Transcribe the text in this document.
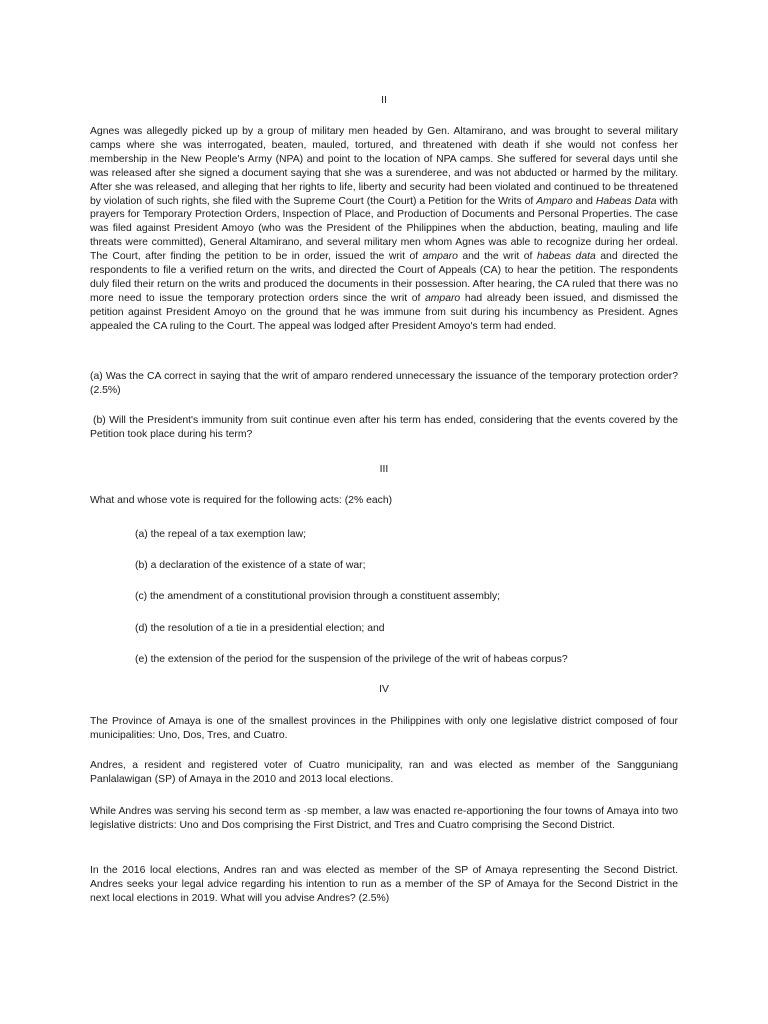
II

Agnes was allegedly picked up by a group of military men headed by Gen. Altamirano, and was brought to several military camps where she was interrogated, beaten, mauled, tortured, and threatened with death if she would not confess her membership in the New People's Army (NPA) and point to the location of NPA camps. She suffered for several days until she was released after she signed a document saying that she was a surenderee, and was not abducted or harmed by the military. After she was released, and alleging that her rights to life, liberty and security had been violated and continued to be threatened by violation of such rights, she filed with the Supreme Court (the Court) a Petition for the Writs of Amparo and Habeas Data with prayers for Temporary Protection Orders, Inspection of Place, and Production of Documents and Personal Properties. The case was filed against President Amoyo (who was the President of the Philippines when the abduction, beating, mauling and life threats were committed), General Altamirano, and several military men whom Agnes was able to recognize during her ordeal. The Court, after finding the petition to be in order, issued the writ of amparo and the writ of habeas data and directed the respondents to file a verified return on the writs, and directed the Court of Appeals (CA) to hear the petition. The respondents duly filed their return on the writs and produced the documents in their possession. After hearing, the CA ruled that there was no more need to issue the temporary protection orders since the writ of amparo had already been issued, and dismissed the petition against President Amoyo on the ground that he was immune from suit during his incumbency as President. Agnes appealed the CA ruling to the Court. The appeal was lodged after President Amoyo's term had ended.

(a) Was the CA correct in saying that the writ of amparo rendered unnecessary the issuance of the temporary protection order? (2.5%)

(b) Will the President's immunity from suit continue even after his term has ended, considering that the events covered by the Petition took place during his term?

III

What and whose vote is required for the following acts: (2% each)

(a) the repeal of a tax exemption law;

(b) a declaration of the existence of a state of war;

(c) the amendment of a constitutional provision through a constituent assembly;

(d) the resolution of a tie in a presidential election; and

(e) the extension of the period for the suspension of the privilege of the writ of habeas corpus?

IV

The Province of Amaya is one of the smallest provinces in the Philippines with only one legislative district composed of four municipalities: Uno, Dos, Tres, and Cuatro.

Andres, a resident and registered voter of Cuatro municipality, ran and was elected as member of the Sangguniang Panlalawigan (SP) of Amaya in the 2010 and 2013 local elections.

While Andres was serving his second term as ·sp member, a law was enacted re-apportioning the four towns of Amaya into two legislative districts: Uno and Dos comprising the First District, and Tres and Cuatro comprising the Second District.

In the 2016 local elections, Andres ran and was elected as member of the SP of Amaya representing the Second District. Andres seeks your legal advice regarding his intention to run as a member of the SP of Amaya for the Second District in the next local elections in 2019. What will you advise Andres? (2.5%)
